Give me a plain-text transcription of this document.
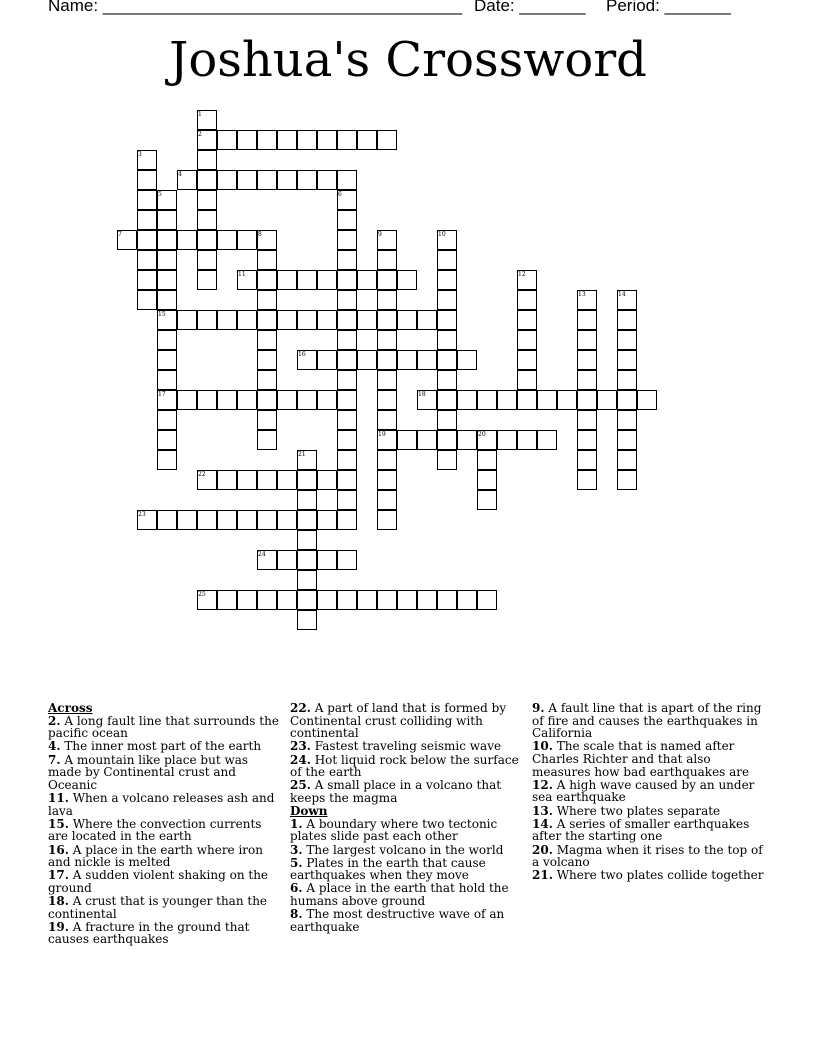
Name: ______________________________________

Date: _______

Period: _______

Joshua's Crossword
1
2
3
4
5	6
7	8	9	10
11	12
13	14
15
16
17	18
19	20
21
22
23
24
25
Across
2. A long fault line that surrounds the pacific ocean
4. The inner most part of the earth
7. A mountain like place but was made by Continental crust and Oceanic
11. When a volcano releases ash and lava
15. Where the convection currents are located in the earth
16. A place in the earth where iron and nickle is melted
17. A sudden violent shaking on the ground
18. A crust that is younger than the continental
19. A fracture in the ground that causes earthquakes
22. A part of land that is formed by Continental crust colliding with continental
23. Fastest traveling seismic wave
24. Hot liquid rock below the surface of the earth
25. A small place in a volcano that keeps the magma
Down
1. A boundary where two tectonic plates slide past each other
3. The largest volcano in the world
5. Plates in the earth that cause earthquakes when they move
6. A place in the earth that hold the humans above ground
8. The most destructive wave of an earthquake
9. A fault line that is apart of the ring of fire and causes the earthquakes in California
10. The scale that is named after Charles Richter and that also measures how bad earthquakes are
12. A high wave caused by an under sea earthquake
13. Where two plates separate
14. A series of smaller earthquakes after the starting one
20. Magma when it rises to the top of a volcano
21. Where two plates collide together
